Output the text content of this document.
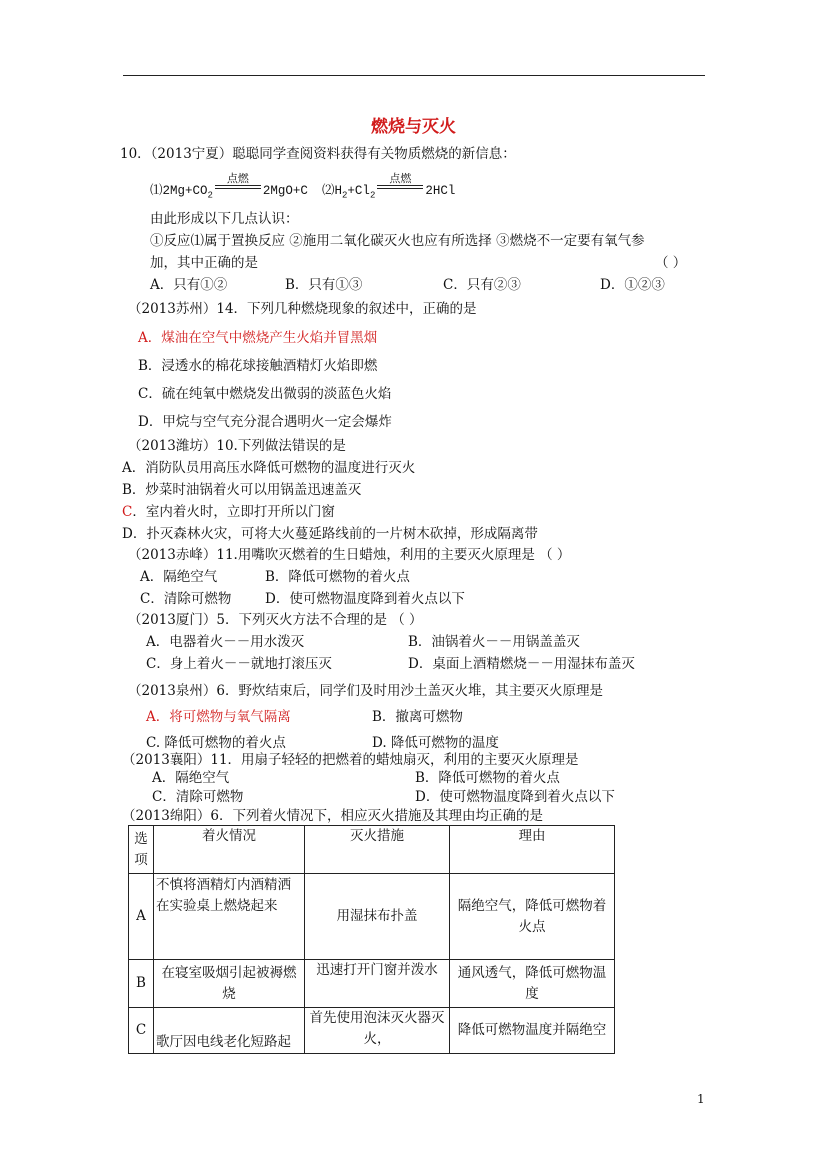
燃烧与灭火
10．（2013宁夏）聪聪同学查阅资料获得有关物质燃烧的新信息：
$⑴2Mg+CO_2$
点燃
2MgO+C $⑵H_2+Cl_2$
点燃
2HCl
由此形成以下几点认识：
①反应⑴属于置换反应 ②施用二氧化碳灭火也应有所选择 ③燃烧不一定要有氧气参
加，其中正确的是	（ ）
A．只有①②	B．只有①③	C．只有②③	D．①②③
（2013苏州）14．下列几种燃烧现象的叙述中，正确的是
A．煤油在空气中燃烧产生火焰并冒黑烟
B．浸透水的棉花球接触酒精灯火焰即燃
C．硫在纯氧中燃烧发出微弱的淡蓝色火焰
D．甲烷与空气充分混合遇明火一定会爆炸
（2013潍坊）10.下列做法错误的是
A．消防队员用高压水降低可燃物的温度进行灭火
B．炒菜时油锅着火可以用锅盖迅速盖灭
C．室内着火时，立即打开所以门窗
D．扑灭森林火灾，可将大火蔓延路线前的一片树木砍掉，形成隔离带
（2013赤峰）11.用嘴吹灭燃着的生日蜡烛，利用的主要灭火原理是 （ ）
A．隔绝空气	B．降低可燃物的着火点
C．清除可燃物 D．使可燃物温度降到着火点以下
（2013厦门）5．下列灭火方法不合理的是 （ ）
A．电器着火－－用水泼灭	B．油锅着火－－用锅盖盖灭
C．身上着火－－就地打滚压灭	D．桌面上酒精燃烧－－用湿抹布盖灭
（2013泉州）6．野炊结束后，同学们及时用沙土盖灭火堆，其主要灭火原理是
A．将可燃物与氧气隔离	B．撤离可燃物
C. 降低可燃物的着火点	D. 降低可燃物的温度
（2013襄阳）11．用扇子轻轻的把燃着的蜡烛扇灭，利用的主要灭火原理是
A．隔绝空气	B．降低可燃物的着火点
C．清除可燃物	D．使可燃物温度降到着火点以下
（2013绵阳）6．下列着火情况下，相应灭火措施及其理由均正确的是
选项	着火情况	灭火措施	理由
A	不慎将酒精灯内酒精洒在实验桌上燃烧起来	用湿抹布扑盖	隔绝空气，降低可燃物着火点
B	在寝室吸烟引起被褥燃烧	迅速打开门窗并泼水	通风透气，降低可燃物温度
C	歌厅因电线老化短路起	首先使用泡沫灭火器灭火，	降低可燃物温度并隔绝空
1
